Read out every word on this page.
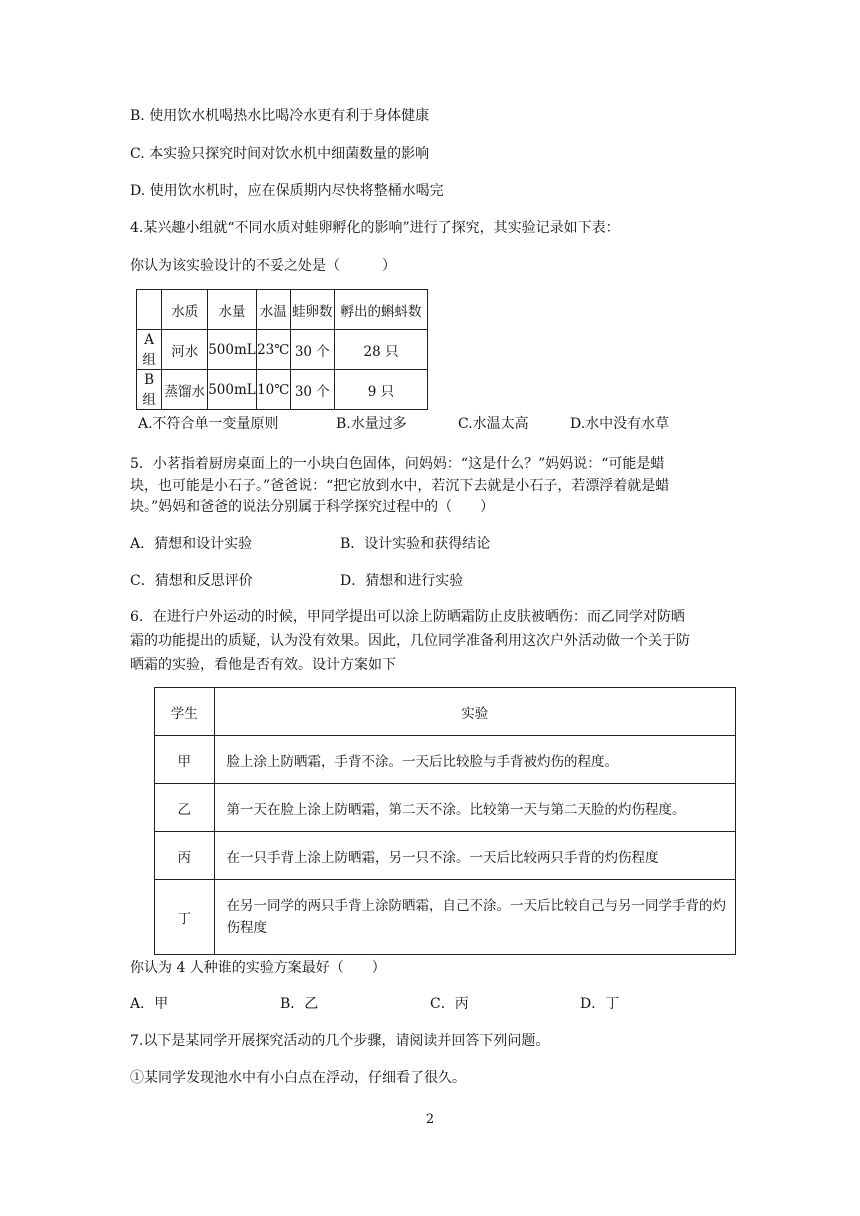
B. 使用饮水机喝热水比喝冷水更有利于身体健康
C. 本实验只探究时间对饮水机中细菌数量的影响
D. 使用饮水机时，应在保质期内尽快将整桶水喝完
4.某兴趣小组就“不同水质对蛙卵孵化的影响”进行了探究，其实验记录如下表：
你认为该实验设计的不妥之处是（　　　）
	水质	水量	水温	蛙卵数	孵出的蝌蚪数
A 组	河水	500mL	23℃	30 个	28 只
B 组	蒸馏水	500mL	10℃	30 个	9 只
A.不符合单一变量原则	B.水量过多	C.水温太高	D.水中没有水草
5．小茗指着厨房桌面上的一小块白色固体，问妈妈：“这是什么？”妈妈说：“可能是蜡
块，也可能是小石子。”爸爸说：“把它放到水中，若沉下去就是小石子，若漂浮着就是蜡
块。”妈妈和爸爸的说法分别属于科学探究过程中的（　　）
A．猜想和设计实验	B．设计实验和获得结论
C．猜想和反思评价	D．猜想和进行实验
6．在进行户外运动的时候，甲同学提出可以涂上防晒霜防止皮肤被晒伤：而乙同学对防晒
霜的功能提出的质疑，认为没有效果。因此，几位同学准备利用这次户外活动做一个关于防
晒霜的实验，看他是否有效。设计方案如下
学生	实验
甲	脸上涂上防晒霜，手背不涂。一天后比较脸与手背被灼伤的程度。
乙	第一天在脸上涂上防晒霜，第二天不涂。比较第一天与第二天脸的灼伤程度。
丙	在一只手背上涂上防晒霜，另一只不涂。一天后比较两只手背的灼伤程度
丁	在另一同学的两只手背上涂防晒霜，自己不涂。一天后比较自己与另一同学手背的灼伤程度
你认为 4 人种谁的实验方案最好（　　）
A．甲	B．乙	C．丙	D．丁
7.以下是某同学开展探究活动的几个步骤，请阅读并回答下列问题。
①某同学发现池水中有小白点在浮动，仔细看了很久。
2
